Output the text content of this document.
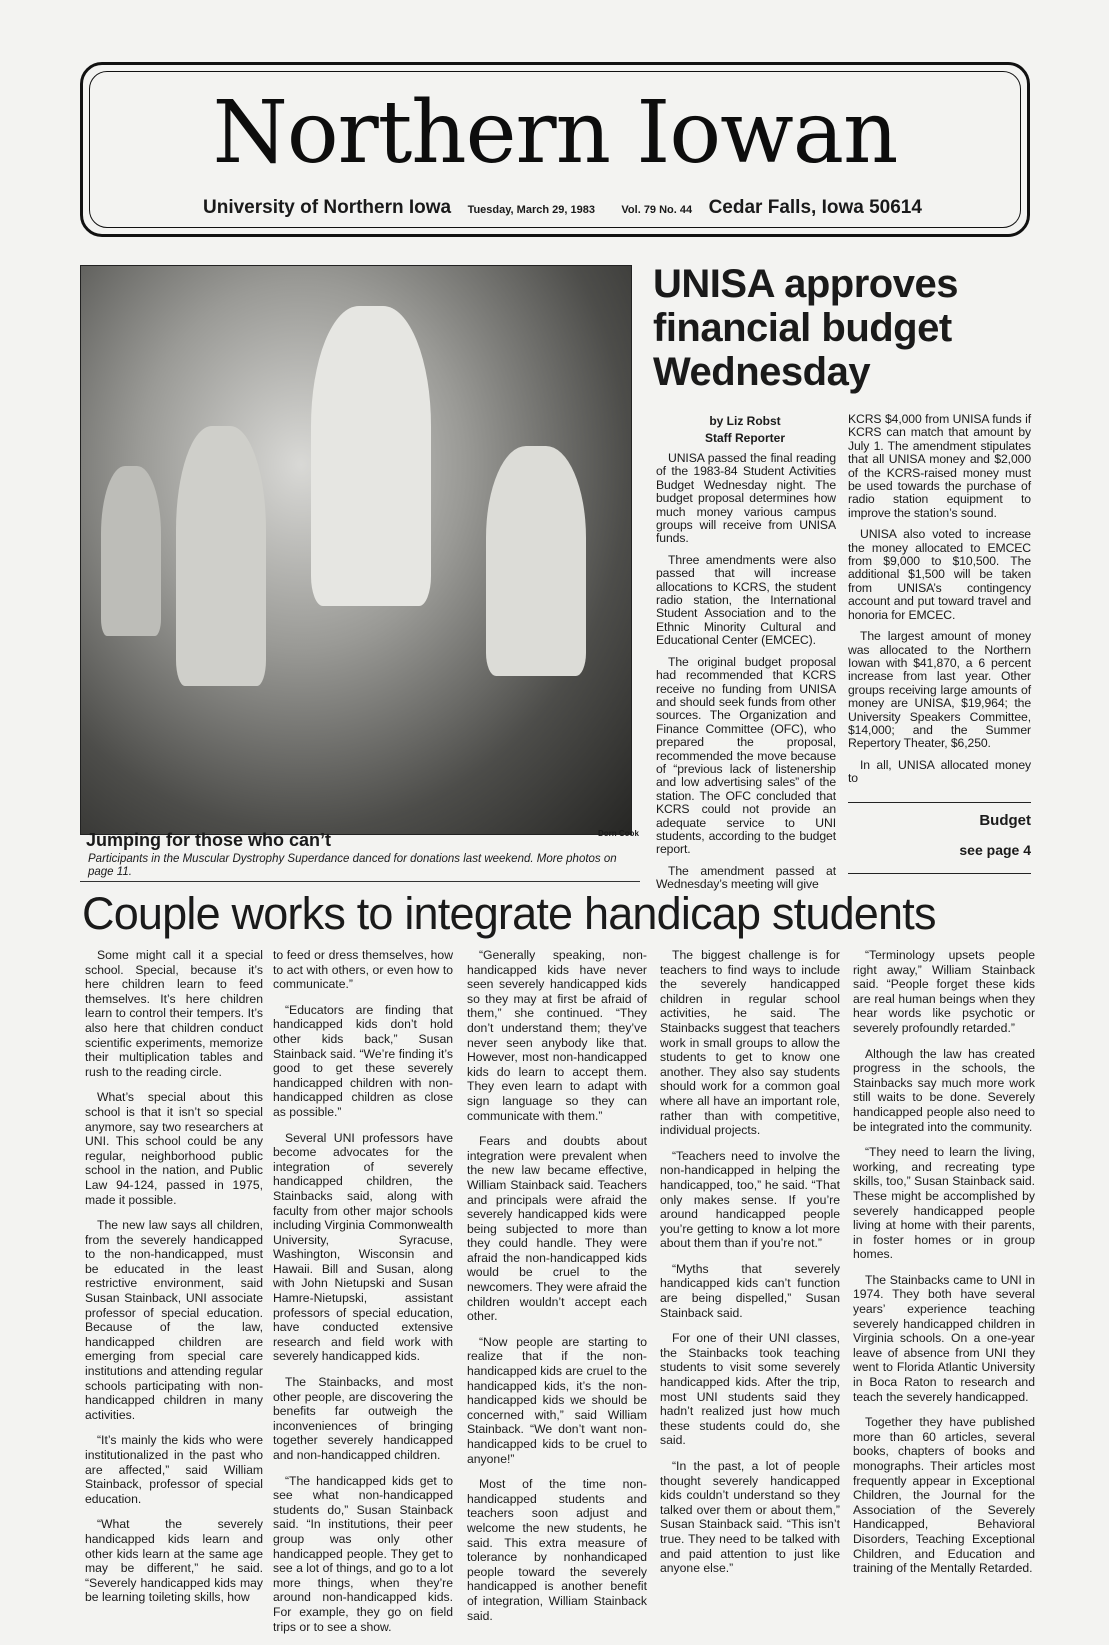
Northern Iowan
University of Northern Iowa Tuesday, March 29, 1983 Vol. 79 No. 44 Cedar Falls, Iowa 50614
Dorn Cook
Jumping for those who can’t
Participants in the Muscular Dystrophy Superdance danced for donations last weekend. More photos on page 11.
UNISA approves financial budget Wednesday
by Liz Robst
Staff Reporter

UNISA passed the final reading of the 1983-84 Student Activities Budget Wednesday night. The budget proposal determines how much money various campus groups will receive from UNISA funds.

Three amendments were also passed that will increase allocations to KCRS, the student radio station, the International Student Association and to the Ethnic Minority Cultural and Educational Center (EMCEC).

The original budget proposal had recommended that KCRS receive no funding from UNISA and should seek funds from other sources. The Organization and Finance Committee (OFC), who prepared the proposal, recommended the move because of “previous lack of listenership and low advertising sales” of the station. The OFC concluded that KCRS could not provide an adequate service to UNI students, according to the budget report.

The amendment passed at Wednesday’s meeting will give

KCRS $4,000 from UNISA funds if KCRS can match that amount by July 1. The amendment stipulates that all UNISA money and $2,000 of the KCRS-raised money must be used towards the purchase of radio station equipment to improve the station’s sound.

UNISA also voted to increase the money allocated to EMCEC from $9,000 to $10,500. The additional $1,500 will be taken from UNISA’s contingency account and put toward travel and honoria for EMCEC.

The largest amount of money was allocated to the Northern Iowan with $41,870, a 6 percent increase from last year. Other groups receiving large amounts of money are UNISA, $19,964; the University Speakers Committee, $14,000; and the Summer Repertory Theater, $6,250.

In all, UNISA allocated money to

Budget
see page 4
Couple works to integrate handicap students

Some might call it a special school. Special, because it’s here children learn to feed themselves. It’s here children learn to control their tempers. It’s also here that children conduct scientific experiments, memorize their multiplication tables and rush to the reading circle.

What’s special about this school is that it isn’t so special anymore, say two researchers at UNI. This school could be any regular, neighborhood public school in the nation, and Public Law 94-124, passed in 1975, made it possible.

The new law says all children, from the severely handicapped to the non-handicapped, must be educated in the least restrictive environment, said Susan Stainback, UNI associate professor of special education. Because of the law, handicapped children are emerging from special care institutions and attending regular schools participating with non-handicapped children in many activities.

“It’s mainly the kids who were institutionalized in the past who are affected,” said William Stainback, professor of special education.

“What the severely handicapped kids learn and other kids learn at the same age may be different,” he said. “Severely handicapped kids may be learning toileting skills, how

to feed or dress themselves, how to act with others, or even how to communicate.”

“Educators are finding that handicapped kids don’t hold other kids back,” Susan Stainback said. “We’re finding it’s good to get these severely handicapped children with non-handicapped children as close as possible.”

Several UNI professors have become advocates for the integration of severely handicapped children, the Stainbacks said, along with faculty from other major schools including Virginia Commonwealth University, Syracuse, Washington, Wisconsin and Hawaii. Bill and Susan, along with John Nietupski and Susan Hamre-Nietupski, assistant professors of special education, have conducted extensive research and field work with severely handicapped kids.

The Stainbacks, and most other people, are discovering the benefits far outweigh the inconveniences of bringing together severely handicapped and non-handicapped children.

“The handicapped kids get to see what non-handicapped students do,” Susan Stainback said. “In institutions, their peer group was only other handicapped people. They get to see a lot of things, and go to a lot more things, when they’re around non-handicapped kids. For example, they go on field trips or to see a show.

“Generally speaking, non-handicapped kids have never seen severely handicapped kids so they may at first be afraid of them,” she continued. “They don’t understand them; they’ve never seen anybody like that. However, most non-handicapped kids do learn to accept them. They even learn to adapt with sign language so they can communicate with them.”

Fears and doubts about integration were prevalent when the new law became effective, William Stainback said. Teachers and principals were afraid the severely handicapped kids were being subjected to more than they could handle. They were afraid the non-handicapped kids would be cruel to the newcomers. They were afraid the children wouldn’t accept each other.

“Now people are starting to realize that if the non-handicapped kids are cruel to the handicapped kids, it’s the non-handicapped kids we should be concerned with,” said William Stainback. “We don’t want non-handicapped kids to be cruel to anyone!”

Most of the time non-handicapped students and teachers soon adjust and welcome the new students, he said. This extra measure of tolerance by nonhandicaped people toward the severely handicapped is another benefit of integration, William Stainback said.

The biggest challenge is for teachers to find ways to include the severely handicapped children in regular school activities, he said. The Stainbacks suggest that teachers work in small groups to allow the students to get to know one another. They also say students should work for a common goal where all have an important role, rather than with competitive, individual projects.

“Teachers need to involve the non-handicapped in helping the handicapped, too,” he said. “That only makes sense. If you’re around handicapped people you’re getting to know a lot more about them than if you’re not.”

“Myths that severely handicapped kids can’t function are being dispelled,” Susan Stainback said.

For one of their UNI classes, the Stainbacks took teaching students to visit some severely handicapped kids. After the trip, most UNI students said they hadn’t realized just how much these students could do, she said.

“In the past, a lot of people thought severely handicapped kids couldn’t understand so they talked over them or about them,” Susan Stainback said. “This isn’t true. They need to be talked with and paid attention to just like anyone else.”

“Terminology upsets people right away,” William Stainback said. “People forget these kids are real human beings when they hear words like psychotic or severely profoundly retarded.”

Although the law has created progress in the schools, the Stainbacks say much more work still waits to be done. Severely handicapped people also need to be integrated into the community.

“They need to learn the living, working, and recreating type skills, too,” Susan Stainback said. These might be accomplished by severely handicapped people living at home with their parents, in foster homes or in group homes.

The Stainbacks came to UNI in 1974. They both have several years’ experience teaching severely handicapped children in Virginia schools. On a one-year leave of absence from UNI they went to Florida Atlantic University in Boca Raton to research and teach the severely handicapped.

Together they have published more than 60 articles, several books, chapters of books and monographs. Their articles most frequently appear in Exceptional Children, the Journal for the Association of the Severely Handicapped, Behavioral Disorders, Teaching Exceptional Children, and Education and training of the Mentally Retarded.
